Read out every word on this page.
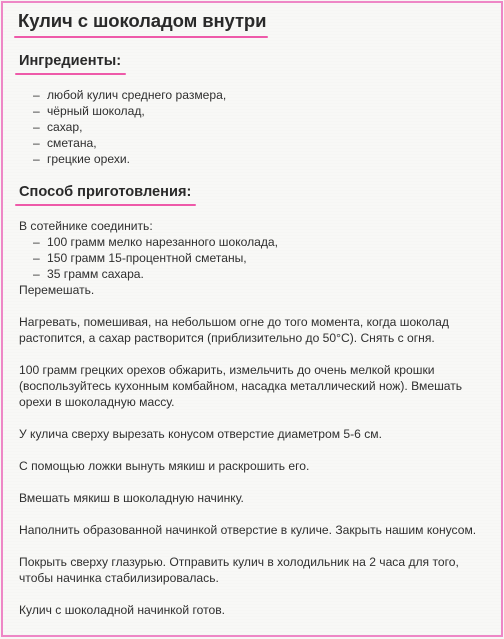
Кулич с шоколадом внутри
Ингредиенты:
– любой кулич среднего размера,
– чёрный шоколад,
– сахар,
– сметана,
– грецкие орехи.
Способ приготовления:

В сотейнике соединить:

– 100 грамм мелко нарезанного шоколада,
– 150 грамм 15-процентной сметаны,
– 35 грамм сахара.

Перемешать.

Нагревать, помешивая, на небольшом огне до того момента, когда шоколад растопится, а сахар растворится (приблизительно до 50°C). Снять с огня.

100 грамм грецких орехов обжарить, измельчить до очень мелкой крошки (воспользуйтесь кухонным комбайном, насадка металлический нож). Вмешать орехи в шоколадную массу.

У кулича сверху вырезать конусом отверстие диаметром 5-6 см.

С помощью ложки вынуть мякиш и раскрошить его.

Вмешать мякиш в шоколадную начинку.

Наполнить образованной начинкой отверстие в куличе. Закрыть нашим конусом.

Покрыть сверху глазурью. Отправить кулич в холодильник на 2 часа для того, чтобы начинка стабилизировалась.

Кулич с шоколадной начинкой готов.
